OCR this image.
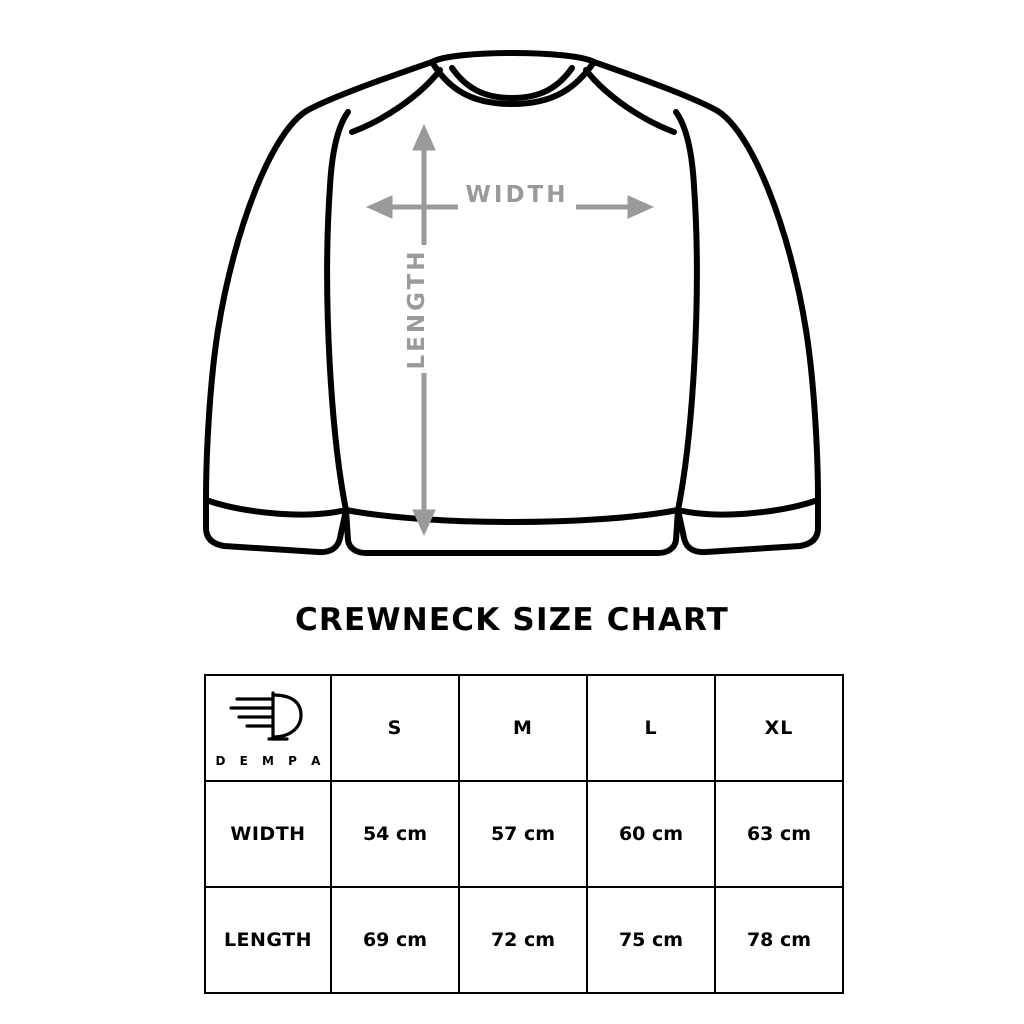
WIDTH
LENGTH
CREWNECK SIZE CHART
D E M P A	S	M	L	XL
WIDTH	54 cm	57 cm	60 cm	63 cm
LENGTH	69 cm	72 cm	75 cm	78 cm
